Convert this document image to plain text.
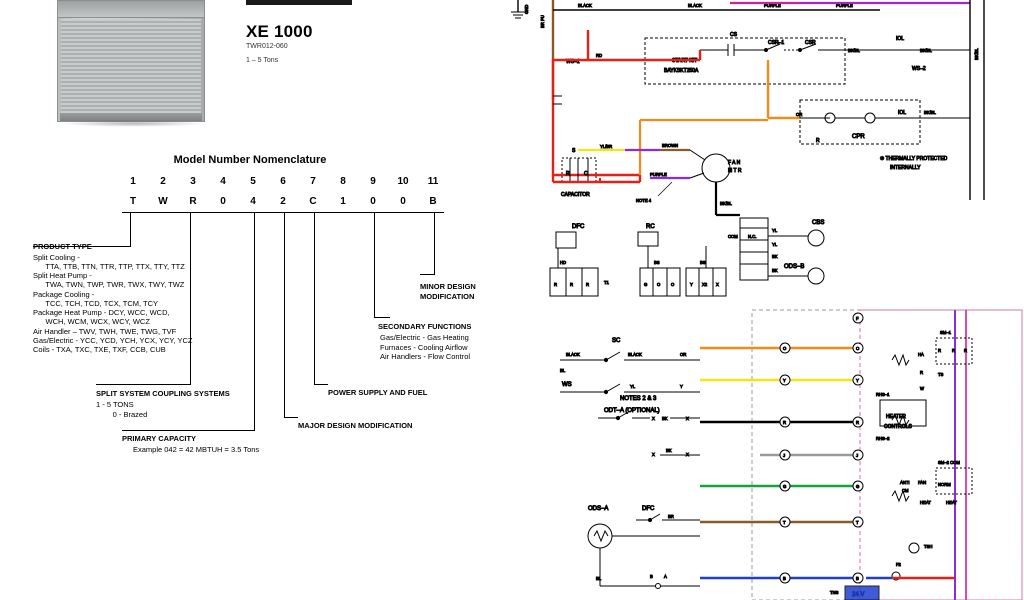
XE 1000
TWR012-060
1 – 5 Tons
Model Number Nomenclature
1	2	3	4	5	6	7	8	9	10	11
T	W	R	0	4	2	C	1	0	0	B
PRODUCT TYPE
Split Cooling -
TTA, TTB, TTN, TTR, TTP, TTX, TTY, TTZ
Split Heat Pump -
TWA, TWN, TWP, TWR, TWX, TWY, TWZ
Package Cooling -
TCC, TCH, TCD, TCX, TCM, TCY
Package Heat Pump - DCY, WCC, WCD,
WCH, WCM, WCX, WCY, WCZ
Air Handler – TWV, TWH, TWE, TWG, TVF
Gas/Electric - YCC, YCD, YCH, YCX, YCY, YCZ
Coils - TXA, TXC, TXE, TXF, CCB, CUB
MINOR DESIGN
MODIFICATION
SECONDARY FUNCTIONS
Gas/Electric - Gas Heating
Furnaces - Cooling Airflow
Air Handlers - Flow Control
SPLIT SYSTEM COUPLING SYSTEMS
1 - 5 TONS
0 - Brazed
POWER SUPPLY AND FUEL
MAJOR DESIGN MODIFICATION
PRIMARY CAPACITY
Example 042 = 42 MBTUH = 3.5 Tons
GND
BR PU
BLACK	BLACK	PURPLE	PURPLE
BK/BL
CS
CSR–1	CSR
START KIT
BAYKSKT250A
BK/BL	BK/BL
IOL
WS–2
WS–1
RD
OR
CPR
IOL
R
BK/BL
✳ THERMALLY PROTECTED
INTERNALLY
S
R	C
CAPACITOR
YL/BR	BROWN
PURPLE
NOTE 4
F A N
M T R
DFC	RC
BK/BL
COM N.C.
YL
YL
BK
BK
CBS
ODS–B
R	R	R
HD
T1	G O	O
BS
Y X2 X
BS
SC
BLACK	BLACK	OR
WS
BL
YL	Y
O
Y
R
J
G
T
B
O
Y
R
J
G
T
B
F
NOTES 2 & 3
ODT–A (OPTIONAL)
X BK	X
X	X
BK
ODS–A	DFC
BR
BL	A
B
HEATER
CONTROLS
RHS–1
RHS–2
SM–1
R	R R
HA
R
W
TS
SM–2 COM
ANTI
CM
FAN
HEAT	HEAT
NORM
TSH
F2
TNS
